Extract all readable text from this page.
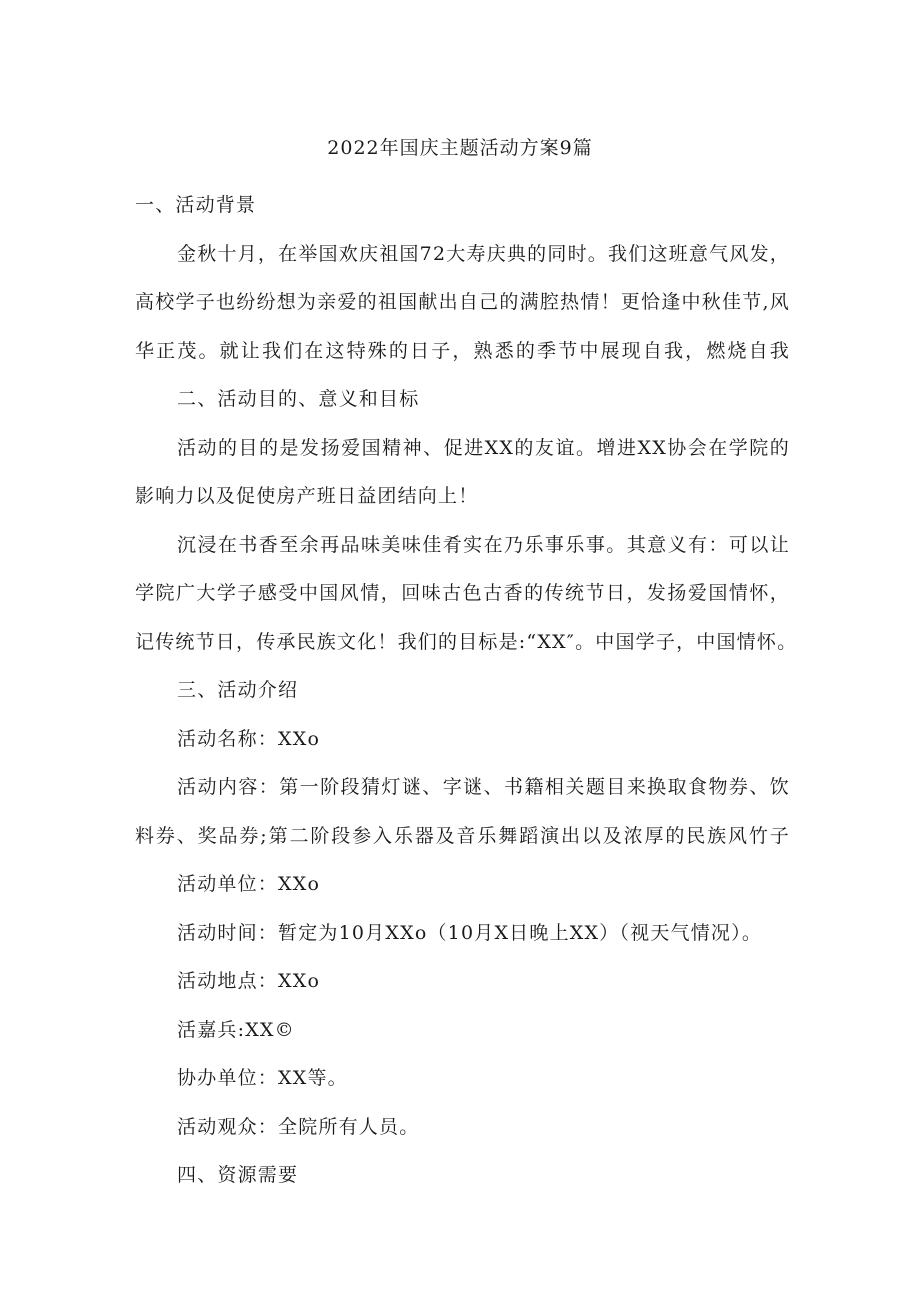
2022年国庆主题活动方案9篇
一、活动背景
金秋十月，在举国欢庆祖国72大寿庆典的同时。我们这班意气风发，
高校学子也纷纷想为亲爱的祖国献出自己的满腔热情！更恰逢中秋佳节,风
华正茂。就让我们在这特殊的日子，熟悉的季节中展现自我，燃烧自我
二、活动目的、意义和目标
活动的目的是发扬爱国精神、促进XX的友谊。增进XX协会在学院的
影响力以及促使房产班日益团结向上！
沉浸在书香至余再品味美味佳肴实在乃乐事乐事。其意义有：可以让
学院广大学子感受中国风情，回味古色古香的传统节日，发扬爱国情怀，
记传统节日，传承民族文化！我们的目标是:“XX″。中国学子，中国情怀。
三、活动介绍
活动名称：XXo
活动内容：第一阶段猜灯谜、字谜、书籍相关题目来换取食物券、饮
料券、奖品券;第二阶段参入乐器及音乐舞蹈演出以及浓厚的民族风竹子
活动单位：XXo
活动时间：暂定为10月XXo（10月X日晚上XX）（视天气情况）。
活动地点：XXo
活嘉兵:XX©
协办单位：XX等。
活动观众：全院所有人员。
四、资源需要
